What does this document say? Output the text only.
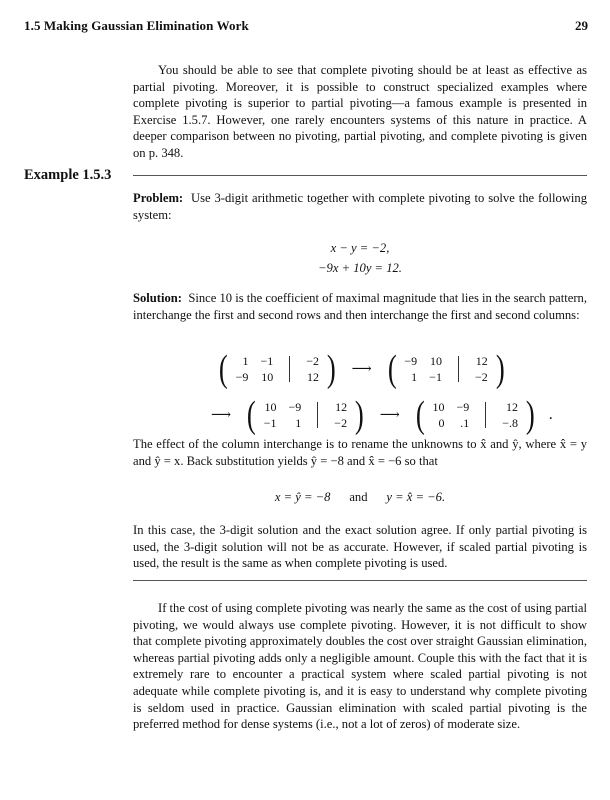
1.5 Making Gaussian Elimination Work	29

You should be able to see that complete pivoting should be at least as effective as partial pivoting. Moreover, it is possible to construct specialized examples where complete pivoting is superior to partial pivoting—a famous example is presented in Exercise 1.5.7. However, one rarely encounters systems of this nature in practice. A deeper comparison between no pivoting, partial pivoting, and complete pivoting is given on p. 348.

Example 1.5.3

Problem: Use 3-digit arithmetic together with complete pivoting to solve the following system:

x − y = −2,
−9x + 10y = 12.

Solution: Since 10 is the coefficient of maximal magnitude that lies in the search pattern, interchange the first and second rows and then interchange the first and second columns:

( 1
−9
−1
10
−2
12 ) ⟶ ( −9
1
10
−1
12
−2 )
⟶ ( 10
−1
−9
1
12
−2 ) ⟶ ( 10
0
−9
.1
12
−.8 ) .

The effect of the column interchange is to rename the unknowns to x̂ and ŷ, where x̂ = y and ŷ = x. Back substitution yields ŷ = −8 and x̂ = −6 so that

x = ŷ = −8 and y = x̂ = −6.

In this case, the 3-digit solution and the exact solution agree. If only partial pivoting is used, the 3-digit solution will not be as accurate. However, if scaled partial pivoting is used, the result is the same as when complete pivoting is used.

If the cost of using complete pivoting was nearly the same as the cost of using partial pivoting, we would always use complete pivoting. However, it is not difficult to show that complete pivoting approximately doubles the cost over straight Gaussian elimination, whereas partial pivoting adds only a negligible amount. Couple this with the fact that it is extremely rare to encounter a practical system where scaled partial pivoting is not adequate while complete pivoting is, and it is easy to understand why complete pivoting is seldom used in practice. Gaussian elimination with scaled partial pivoting is the preferred method for dense systems (i.e., not a lot of zeros) of moderate size.
